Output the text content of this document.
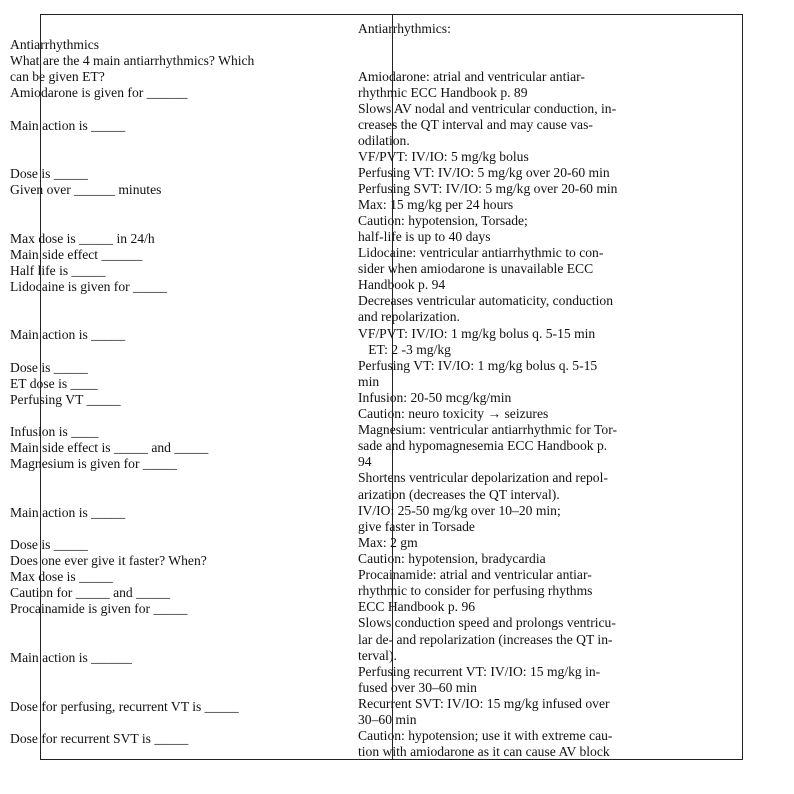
Antiarrhythmics
What are the 4 main antiarrhythmics? Which
can be given ET?
Amiodarone is given for ______
Main action is _____
Dose is _____
Given over ______ minutes
Max dose is _____ in 24/h
Main side effect ______
Half life is _____
Lidocaine is given for _____
Main action is _____
Dose is _____
ET dose is ____
Perfusing VT _____
Infusion is ____
Main side effect is _____ and _____
Magnesium is given for _____
Main action is _____
Dose is _____
Does one ever give it faster? When?
Max dose is _____
Caution for _____ and _____
Procainamide is given for _____
Main action is ______
Dose for perfusing, recurrent VT is _____
Dose for recurrent SVT is _____
Antiarrhythmics:
Amiodarone: atrial and ventricular antiar-
rhythmic ECC Handbook p. 89
Slows AV nodal and ventricular conduction, in-
creases the QT interval and may cause vas-
odilation.
VF/PVT: IV/IO: 5 mg/kg bolus
Perfusing VT: IV/IO: 5 mg/kg over 20-60 min
Perfusing SVT: IV/IO: 5 mg/kg over 20-60 min
Max: 15 mg/kg per 24 hours
Caution: hypotension, Torsade;
half-life is up to 40 days
Lidocaine: ventricular antiarrhythmic to con-
sider when amiodarone is unavailable ECC
Handbook p. 94
Decreases ventricular automaticity, conduction
and repolarization.
VF/PVT: IV/IO: 1 mg/kg bolus q. 5-15 min
ET: 2 -3 mg/kg
Perfusing VT: IV/IO: 1 mg/kg bolus q. 5-15
min
Infusion: 20-50 mcg/kg/min
Caution: neuro toxicity → seizures
Magnesium: ventricular antiarrhythmic for Tor-
sade and hypomagnesemia ECC Handbook p.
94
Shortens ventricular depolarization and repol-
arization (decreases the QT interval).
IV/IO: 25-50 mg/kg over 10–20 min;
give faster in Torsade
Max: 2 gm
Caution: hypotension, bradycardia
Procainamide: atrial and ventricular antiar-
rhythmic to consider for perfusing rhythms
ECC Handbook p. 96
Slows conduction speed and prolongs ventricu-
lar de- and repolarization (increases the QT in-
terval).
Perfusing recurrent VT: IV/IO: 15 mg/kg in-
fused over 30–60 min
Recurrent SVT: IV/IO: 15 mg/kg infused over
30–60 min
Caution: hypotension; use it with extreme cau-
tion with amiodarone as it can cause AV block
